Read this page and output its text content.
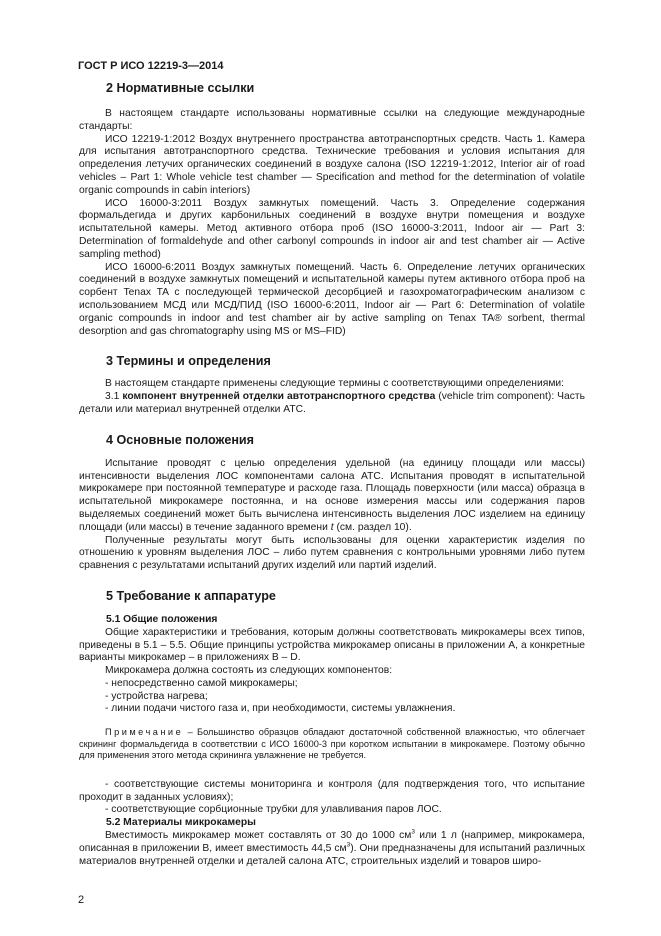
ГОСТ Р ИСО 12219-3—2014
2 Нормативные ссылки

В настоящем стандарте использованы нормативные ссылки на следующие международные стандарты:

ИСО 12219-1:2012 Воздух внутреннего пространства автотранспортных средств. Часть 1. Камера для испытания автотранспортного средства. Технические требования и условия испытания для определения летучих органических соединений в воздухе салона (ISO 12219-1:2012, Interior air of road vehicles – Part 1: Whole vehicle test chamber — Specification and method for the determination of volatile organic compounds in cabin interiors)

ИСО 16000-3:2011 Воздух замкнутых помещений. Часть 3. Определение содержания формальдегида и других карбонильных соединений в воздухе внутри помещения и воздухе испытательной камеры. Метод активного отбора проб (ISO 16000-3:2011, Indoor air — Part 3: Determination of formaldehyde and other carbonyl compounds in indoor air and test chamber air — Active sampling method)

ИСО 16000-6:2011 Воздух замкнутых помещений. Часть 6. Определение летучих органических соединений в воздухе замкнутых помещений и испытательной камеры путем активного отбора проб на сорбент Tenax TA с последующей термической десорбцией и газохроматографическим анализом с использованием МСД или МСД/ПИД (ISO 16000-6:2011, Indoor air — Part 6: Determination of volatile organic compounds in indoor and test chamber air by active sampling on Tenax TA® sorbent, thermal desorption and gas chromatography using MS or MS–FID)

3 Термины и определения

В настоящем стандарте применены следующие термины с соответствующими определениями:

3.1 компонент внутренней отделки автотранспортного средства (vehicle trim component): Часть детали или материал внутренней отделки АТС.

4 Основные положения

Испытание проводят с целью определения удельной (на единицу площади или массы) интенсивности выделения ЛОС компонентами салона АТС. Испытания проводят в испытательной микрокамере при постоянной температуре и расходе газа. Площадь поверхности (или масса) образца в испытательной микрокамере постоянна, и на основе измерения массы или содержания паров выделяемых соединений может быть вычислена интенсивность выделения ЛОС изделием на единицу площади (или массы) в течение заданного времени t (см. раздел 10).

Полученные результаты могут быть использованы для оценки характеристик изделия по отношению к уровням выделения ЛОС – либо путем сравнения с контрольными уровнями либо путем сравнения с результатами испытаний других изделий или партий изделий.

5 Требование к аппаратуре
5.1 Общие положения

Общие характеристики и требования, которым должны соответствовать микрокамеры всех типов, приведены в 5.1 – 5.5. Общие принципы устройства микрокамер описаны в приложении А, а конкретные варианты микрокамер – в приложениях В – D.

Микрокамера должна состоять из следующих компонентов:

- непосредственно самой микрокамеры;

- устройства нагрева;

- линии подачи чистого газа и, при необходимости, системы увлажнения.

Примечание – Большинство образцов обладают достаточной собственной влажностью, что облегчает скрининг формальдегида в соответствии с ИСО 16000-3 при коротком испытании в микрокамере. Поэтому обычно для применения этого метода скрининга увлажнение не требуется.

- соответствующие системы мониторинга и контроля (для подтверждения того, что испытание проходит в заданных условиях);

- соответствующие сорбционные трубки для улавливания паров ЛОС.

5.2 Материалы микрокамеры

Вместимость микрокамер может составлять от 30 до 1000 $см^3$ или 1 л (например, микрокамера, описанная в приложении В, имеет вместимость 44,5 $см^3$). Они предназначены для испытаний различных материалов внутренней отделки и деталей салона АТС, строительных изделий и товаров широ-

2
